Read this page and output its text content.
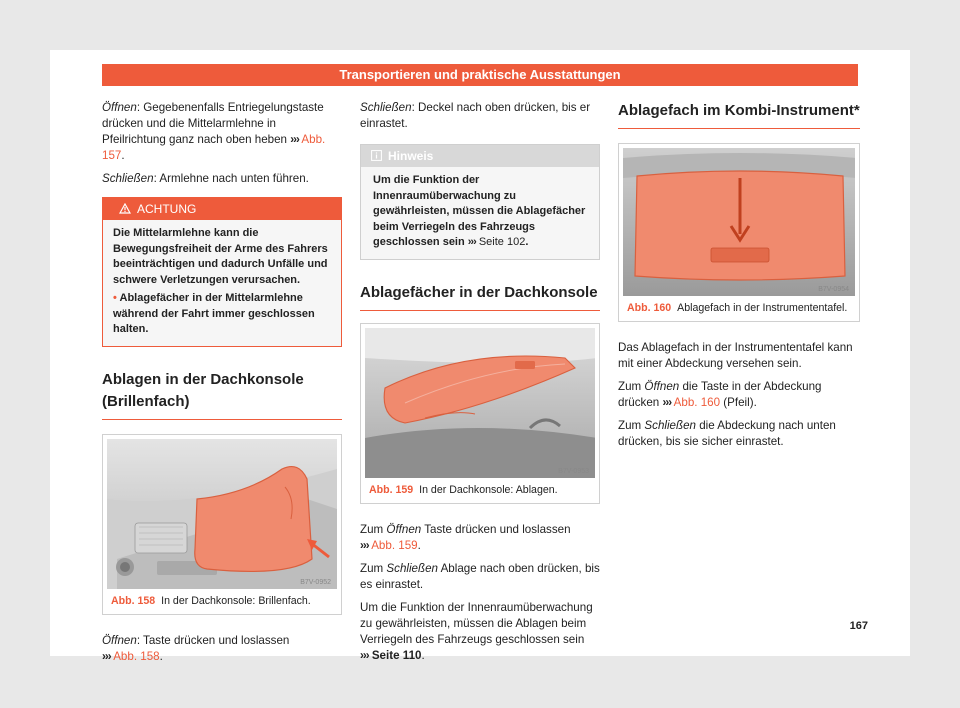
Transportieren und praktische Ausstattungen

Öffnen: Gegebenenfalls Entriegelungstaste drücken und die Mittelarmlehne in Pfeilrichtung ganz nach oben heben ››› Abb. 157.

Schließen: Armlehne nach unten führen.

ACHTUNG
Die Mittelarmlehne kann die Bewegungsfreiheit der Arme des Fahrers beeinträchtigen und dadurch Unfälle und schwere Verletzungen verursachen.
• Ablagefächer in der Mittelarmlehne während der Fahrt immer geschlossen halten.
Ablagen in der Dachkonsole (Brillenfach)
B7V-0952
Abb. 158 In der Dachkonsole: Brillenfach.

Öffnen: Taste drücken und loslassen
››› Abb. 158.

Schließen: Deckel nach oben drücken, bis er einrastet.

Hinweis
Um die Funktion der Innenraumüberwachung zu gewährleisten, müssen die Ablagefächer beim Verriegeln des Fahrzeugs geschlossen sein ››› Seite 102.
Ablagefächer in der Dachkonsole
B7V-0953
Abb. 159 In der Dachkonsole: Ablagen.

Zum Öffnen Taste drücken und loslassen
››› Abb. 159.

Zum Schließen Ablage nach oben drücken, bis es einrastet.

Um die Funktion der Innenraumüberwachung zu gewährleisten, müssen die Ablagen beim Verriegeln des Fahrzeugs geschlossen sein
››› Seite 110.

Ablagefach im Kombi-Instrument*
B7V-0954
Abb. 160 Ablagefach in der Instrumententafel.

Das Ablagefach in der Instrumententafel kann mit einer Abdeckung versehen sein.

Zum Öffnen die Taste in der Abdeckung drücken ››› Abb. 160 (Pfeil).

Zum Schließen die Abdeckung nach unten drücken, bis sie sicher einrastet.

167
